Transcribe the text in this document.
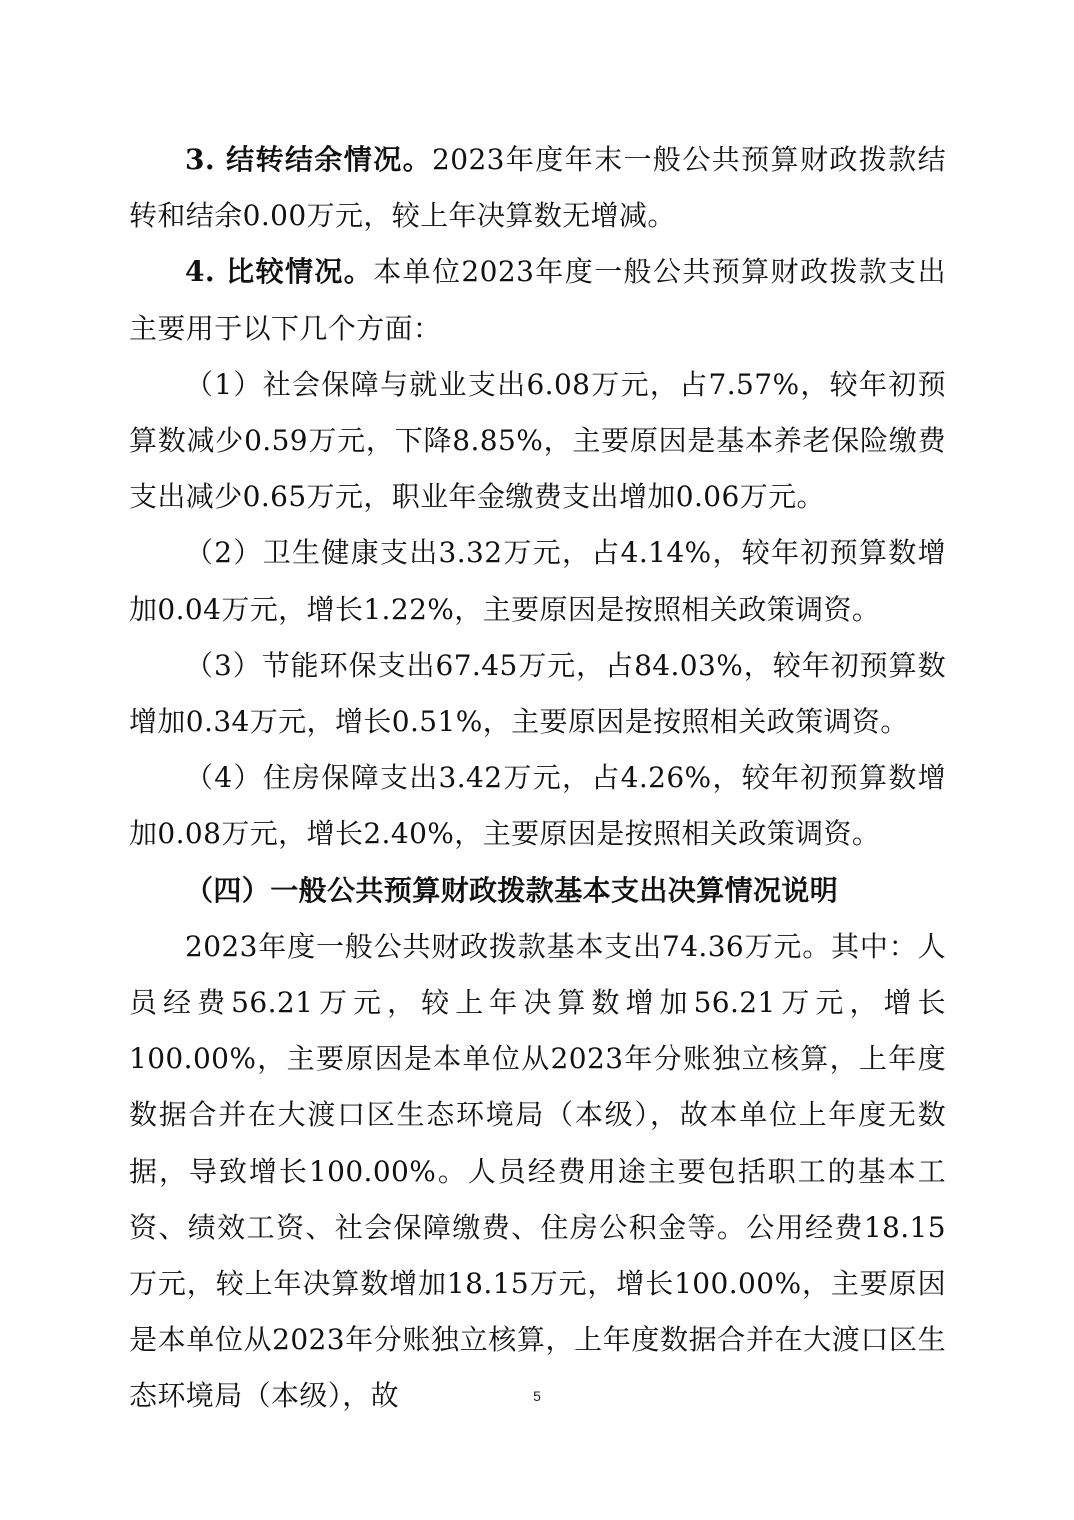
3. 结转结余情况。2023年度年末一般公共预算财政拨款结转和结余0.00万元，较上年决算数无增减。

4. 比较情况。本单位2023年度一般公共预算财政拨款支出主要用于以下几个方面：

（1）社会保障与就业支出6.08万元，占7.57%，较年初预算数减少0.59万元，下降8.85%，主要原因是基本养老保险缴费支出减少0.65万元，职业年金缴费支出增加0.06万元。

（2）卫生健康支出3.32万元，占4.14%，较年初预算数增加0.04万元，增长1.22%，主要原因是按照相关政策调资。

（3）节能环保支出67.45万元，占84.03%，较年初预算数增加0.34万元，增长0.51%，主要原因是按照相关政策调资。

（4）住房保障支出3.42万元，占4.26%，较年初预算数增加0.08万元，增长2.40%，主要原因是按照相关政策调资。

（四）一般公共预算财政拨款基本支出决算情况说明

2023年度一般公共财政拨款基本支出74.36万元。其中：人员经费56.21万元，较上年决算数增加56.21万元，增长100.00%，主要原因是本单位从2023年分账独立核算，上年度数据合并在大渡口区生态环境局（本级），故本单位上年度无数据，导致增长100.00%。人员经费用途主要包括职工的基本工资、绩效工资、社会保障缴费、住房公积金等。公用经费18.15万元，较上年决算数增加18.15万元，增长100.00%，主要原因是本单位从2023年分账独立核算，上年度数据合并在大渡口区生态环境局（本级），故	5
